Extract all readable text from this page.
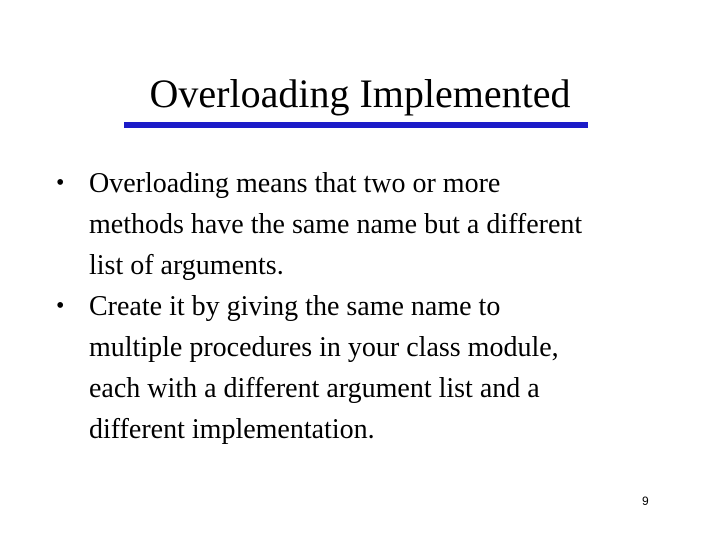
Overloading Implemented
• Overloading means that two or more
methods have the same name but a different
list of arguments.
• Create it by giving the same name to
multiple procedures in your class module,
each with a different argument list and a
different implementation.
9
